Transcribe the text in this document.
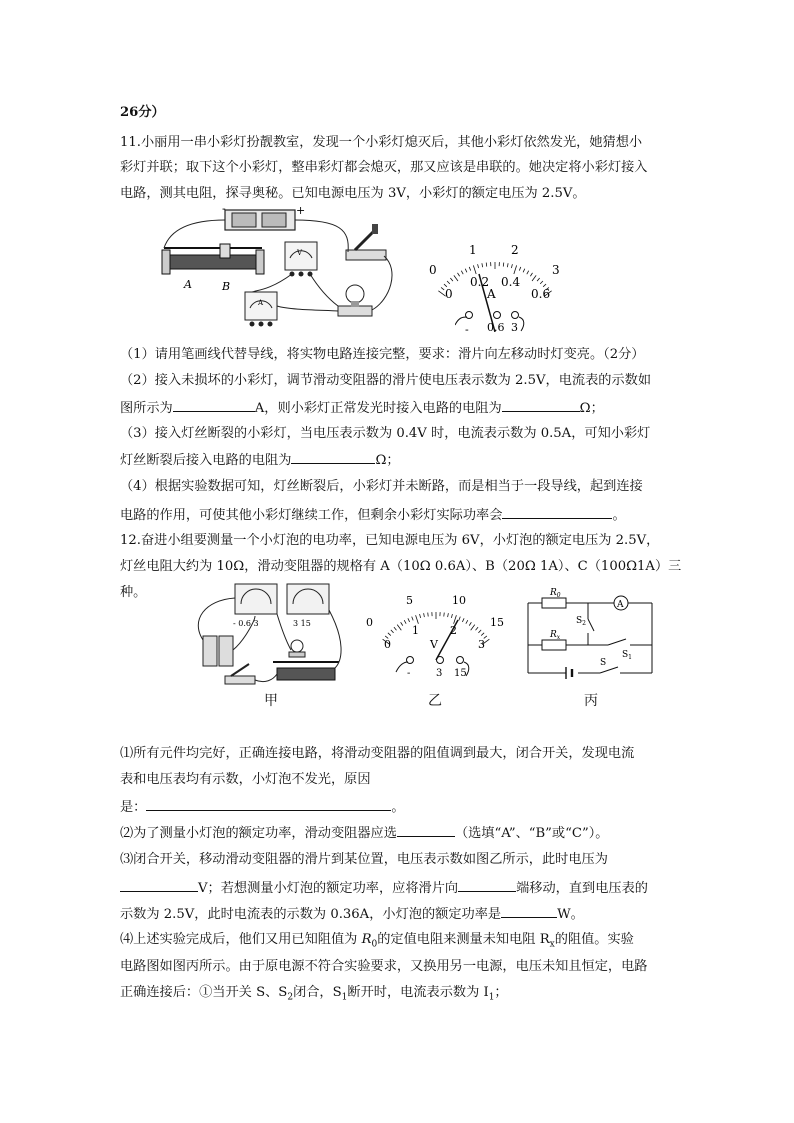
26分）
11.小丽用一串小彩灯扮靓教室，发现一个小彩灯熄灭后，其他小彩灯依然发光，她猜想小
彩灯并联；取下这个小彩灯，整串彩灯都会熄灭，那又应该是串联的。她决定将小彩灯接入
电路，测其电阻，探寻奥秘。已知电源电压为 3V，小彩灯的额定电压为 2.5V。
-	+
A	B
V
A
0
1	2
3
0
0.2 0.4
0.6
A
- 0.6 3
（1）请用笔画线代替导线，将实物电路连接完整，要求：滑片向左移动时灯变亮。（2分）
（2）接入未损坏的小彩灯，调节滑动变阻器的滑片使电压表示数为 2.5V，电流表的示数如
图所示为	A，则小彩灯正常发光时接入电路的电阻为	Ω；
（3）接入灯丝断裂的小彩灯，当电压表示数为 0.4V 时，电流表示数为 0.5A，可知小彩灯
灯丝断裂后接入电路的电阻为	Ω；
（4）根据实验数据可知，灯丝断裂后，小彩灯并未断路，而是相当于一段导线，起到连接
电路的作用，可使其他小彩灯继续工作，但剩余小彩灯实际功率会	。
12.奋进小组要测量一个小灯泡的电功率，已知电源电压为 6V，小灯泡的额定电压为 2.5V，
灯丝电阻大约为 10Ω，滑动变阻器的规格有 A（10Ω 0.6A）、B（20Ω 1A）、C（100Ω1A）三
种。
- 0.6 3	3 15
甲
0
5	10
15
0
1	2
3
V
-	3 15
乙
A
$R_0$
$R_x$
$S_2$
$S_1$
S
丙
⑴所有元件均完好，正确连接电路，将滑动变阻器的阻值调到最大，闭合开关，发现电流
表和电压表均有示数，小灯泡不发光，原因
是：	。
⑵为了测量小灯泡的额定功率，滑动变阻器应选	（选填“A”、“B”或“C”）。
⑶闭合开关，移动滑动变阻器的滑片到某位置，电压表示数如图乙所示，此时电压为
V；若想测量小灯泡的额定功率，应将滑片向	端移动，直到电压表的
示数为 2.5V，此时电流表的示数为 0.36A，小灯泡的额定功率是	W。
⑷上述实验完成后，他们又用已知阻值为 $R_0$的定值电阻来测量未知电阻 $R_x$的阻值。实验
电路图如图丙所示。由于原电源不符合实验要求，又换用另一电源，电压未知且恒定，电路
正确连接后：①当开关 S、$S_2$闭合，$S_1$断开时，电流表示数为 $I_1$；
